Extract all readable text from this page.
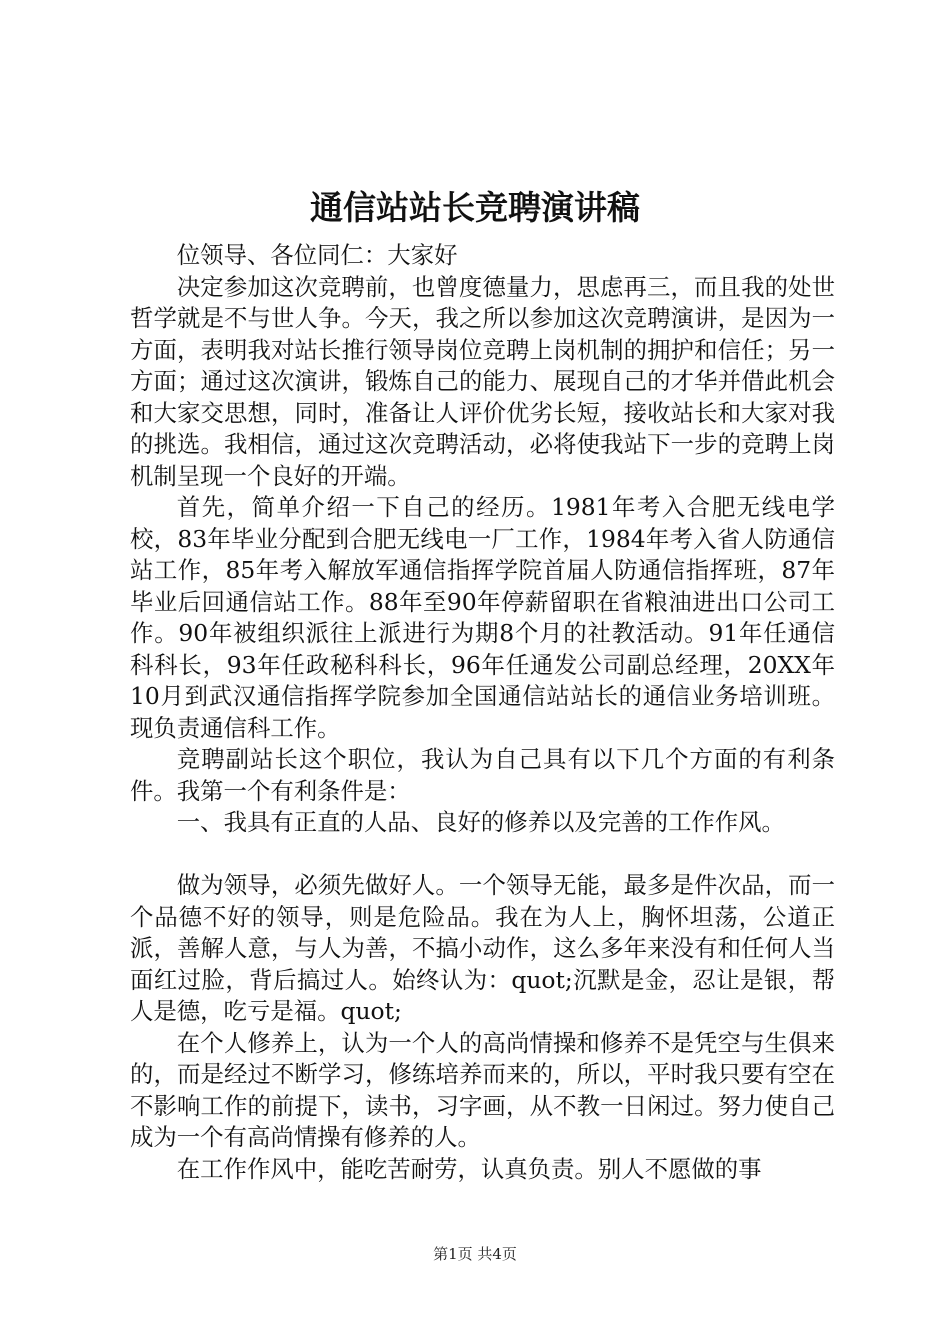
通信站站长竞聘演讲稿

位领导、各位同仁：大家好

决定参加这次竞聘前，也曾度德量力，思虑再三，而且我的处世哲学就是不与世人争。今天，我之所以参加这次竞聘演讲，是因为一方面，表明我对站长推行领导岗位竞聘上岗机制的拥护和信任；另一方面；通过这次演讲，锻炼自己的能力、展现自己的才华并借此机会和大家交思想，同时，准备让人评价优劣长短，接收站长和大家对我的挑选。我相信，通过这次竞聘活动，必将使我站下一步的竞聘上岗机制呈现一个良好的开端。

首先，简单介绍一下自己的经历。1981年考入合肥无线电学校，83年毕业分配到合肥无线电一厂工作，1984年考入省人防通信站工作，85年考入解放军通信指挥学院首届人防通信指挥班，87年毕业后回通信站工作。88年至90年停薪留职在省粮油进出口公司工作。90年被组织派往上派进行为期8个月的社教活动。91年任通信科科长，93年任政秘科科长，96年任通发公司副总经理，20XX年10月到武汉通信指挥学院参加全国通信站站长的通信业务培训班。现负责通信科工作。

竞聘副站长这个职位，我认为自己具有以下几个方面的有利条件。我第一个有利条件是：

一、我具有正直的人品、良好的修养以及完善的工作作风。

做为领导，必须先做好人。一个领导无能，最多是件次品，而一个品德不好的领导，则是危险品。我在为人上，胸怀坦荡，公道正派，善解人意，与人为善，不搞小动作，这么多年来没有和任何人当面红过脸，背后搞过人。始终认为：quot;沉默是金，忍让是银，帮人是德，吃亏是福。quot;

在个人修养上，认为一个人的高尚情操和修养不是凭空与生俱来的，而是经过不断学习，修练培养而来的，所以，平时我只要有空在不影响工作的前提下，读书，习字画，从不教一日闲过。努力使自己成为一个有高尚情操有修养的人。

在工作作风中，能吃苦耐劳，认真负责。别人不愿做的事

第1页 共4页
